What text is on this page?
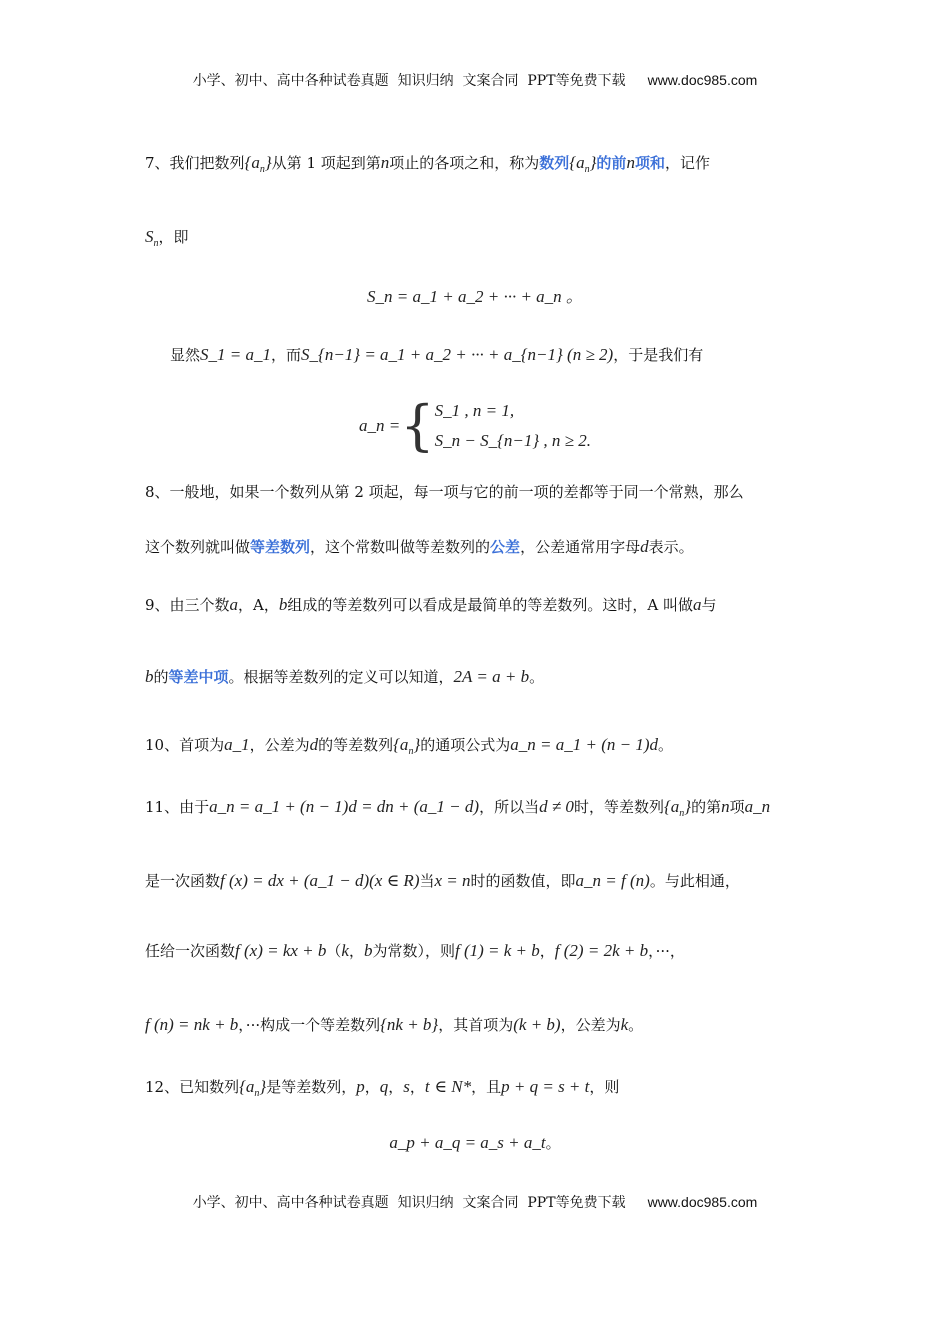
小学、初中、高中各种试卷真题  知识归纳  文案合同  PPT等免费下载 www.doc985.com
7、我们把数列$\{a_n\}$从第 1 项起到第n项止的各项之和，称为数列$\{a_n\}$的前n项和，记作
$S_n$，即
S_n = a_1 + a_2 + ··· + a_n 。
显然S_1 = a_1，而S_{n−1} = a_1 + a_2 + ··· + a_{n−1} (n ≥ 2)，于是我们有
a_n ={S_1 , n = 1,
S_n − S_{n−1} , n ≥ 2.
8、一般地，如果一个数列从第 2 项起，每一项与它的前一项的差都等于同一个常熟，那么
这个数列就叫做等差数列，这个常数叫做等差数列的公差，公差通常用字母d表示。
9、由三个数a，A，b组成的等差数列可以看成是最简单的等差数列。这时，A 叫做a与
b的等差中项。根据等差数列的定义可以知道，2A = a + b。
10、首项为a_1，公差为d的等差数列$\{a_n\}$的通项公式为a_n = a_1 + (n − 1)d。
11、由于a_n = a_1 + (n − 1)d = dn + (a_1 − d)，所以当d ≠ 0时，等差数列$\{a_n\}$的第n项a_n
是一次函数f (x) = dx + (a_1 − d)(x ∈ R)当x = n时的函数值，即a_n = f (n)。与此相通，
任给一次函数f (x) = kx + b（k，b为常数），则f (1) = k + b，f (2) = 2k + b，···，
f (n) = nk + b，···构成一个等差数列{nk + b}，其首项为(k + b)，公差为k。
12、已知数列$\{a_n\}$是等差数列，p，q，s，t ∈ N*，且p + q = s + t，则
a_p + a_q = a_s + a_t。
小学、初中、高中各种试卷真题  知识归纳  文案合同  PPT等免费下载 www.doc985.com
